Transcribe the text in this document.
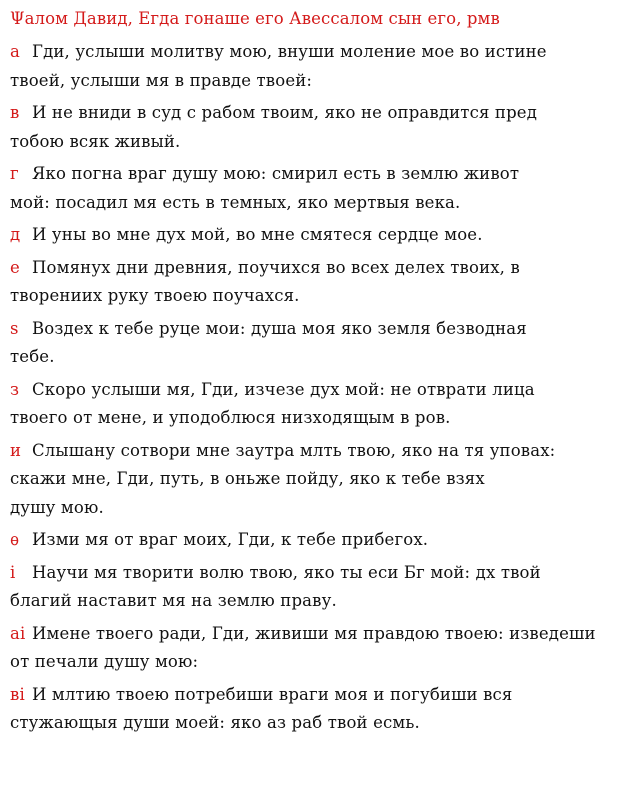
Ψалом Давид, Егда гонаше его Авессалом сын его, рмв
а Гди, услыши молитву мою, внуши моление мое во истине
твоей, услыши мя в правде твоей:
в И не вниди в суд с рабом твоим, яко не оправдится пред
тобою всяк живый.
г Яко погна враг душу мою: смирил есть в землю живот
мой: посадил мя есть в темных, яко мертвыя века.
д И уны во мне дух мой, во мне смятеся сердце мое.
е Помянух дни древния, поучихся во всех делех твоих, в
творениих руку твоею поучахся.
ѕ Воздех к тебе руце мои: душа моя яко земля безводная
тебе.
з Скоро услыши мя, Гди, изчезе дух мой: не отврати лица
твоего от мене, и уподоблюся низходящым в ров.
и Слышану сотвори мне заутра млть твою, яко на тя уповах:
скажи мне, Гди, путь, в оньже пойду, яко к тебе взях
душу мою.
ѳ Изми мя от враг моих, Гди, к тебе прибегох.
і Научи мя творити волю твою, яко ты еси Бг мой: дх твой
благий наставит мя на землю праву.
аі Имене твоего ради, Гди, живиши мя правдою твоею: изведеши
от печали душу мою:
ві И млтию твоею потребиши враги моя и погубиши вся
стужающыя души моей: яко аз раб твой есмь.
